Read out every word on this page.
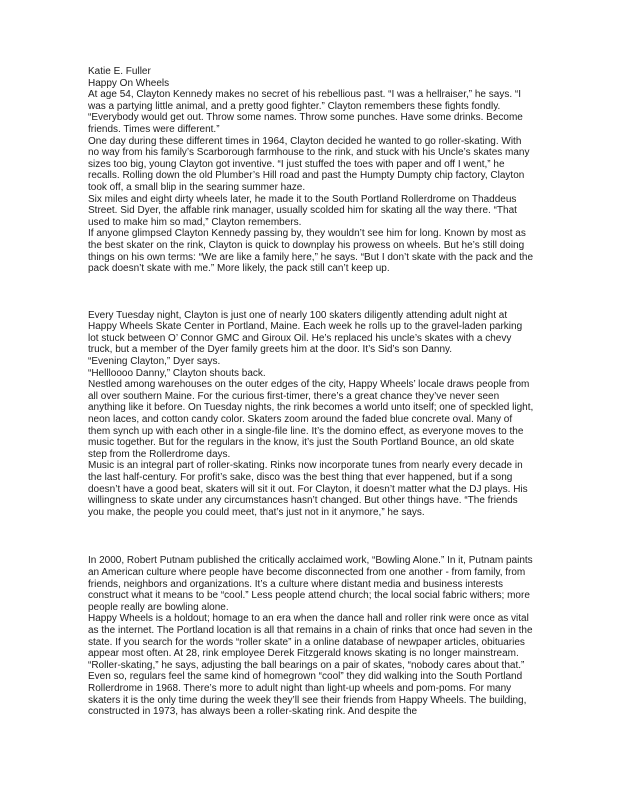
Katie E. Fuller

Happy On Wheels

At age 54, Clayton Kennedy makes no secret of his rebellious past. “I was a hellraiser,” he says. “I was a partying little animal, and a pretty good fighter.” Clayton remembers these fights fondly. “Everybody would get out. Throw some names. Throw some punches. Have some drinks. Become friends. Times were different.”

One day during these different times in 1964, Clayton decided he wanted to go roller-skating. With no way from his family’s Scarborough farmhouse to the rink, and stuck with his Uncle’s skates many sizes too big, young Clayton got inventive. “I just stuffed the toes with paper and off I went,” he recalls. Rolling down the old Plumber’s Hill road and past the Humpty Dumpty chip factory, Clayton took off, a small blip in the searing summer haze.

Six miles and eight dirty wheels later, he made it to the South Portland Rollerdrome on Thaddeus Street. Sid Dyer, the affable rink manager, usually scolded him for skating all the way there. “That used to make him so mad,” Clayton remembers.

If anyone glimpsed Clayton Kennedy passing by, they wouldn’t see him for long. Known by most as the best skater on the rink, Clayton is quick to downplay his prowess on wheels. But he’s still doing things on his own terms: “We are like a family here,” he says. “But I don’t skate with the pack and the pack doesn’t skate with me.” More likely, the pack still can’t keep up.

Every Tuesday night, Clayton is just one of nearly 100 skaters diligently attending adult night at Happy Wheels Skate Center in Portland, Maine. Each week he rolls up to the gravel-laden parking lot stuck between O’ Connor GMC and Giroux Oil. He’s replaced his uncle’s skates with a chevy truck, but a member of the Dyer family greets him at the door. It’s Sid’s son Danny.

“Evening Clayton,” Dyer says.

“Hellloooo Danny,” Clayton shouts back.

Nestled among warehouses on the outer edges of the city, Happy Wheels’ locale draws people from all over southern Maine. For the curious first-timer, there’s a great chance they’ve never seen anything like it before. On Tuesday nights, the rink becomes a world unto itself; one of speckled light, neon laces, and cotton candy color. Skaters zoom around the faded blue concrete oval. Many of them synch up with each other in a single-file line. It’s the domino effect, as everyone moves to the music together. But for the regulars in the know, it’s just the South Portland Bounce, an old skate step from the Rollerdrome days.

Music is an integral part of roller-skating. Rinks now incorporate tunes from nearly every decade in the last half-century. For profit’s sake, disco was the best thing that ever happened, but if a song doesn’t have a good beat, skaters will sit it out. For Clayton, it doesn’t matter what the DJ plays. His willingness to skate under any circumstances hasn’t changed. But other things have. “The friends you make, the people you could meet, that’s just not in it anymore,” he says.

In 2000, Robert Putnam published the critically acclaimed work, “Bowling Alone.” In it, Putnam paints an American culture where people have become disconnected from one another - from family, from friends, neighbors and organizations. It’s a culture where distant media and business interests construct what it means to be “cool.” Less people attend church; the local social fabric withers; more people really are bowling alone.

Happy Wheels is a holdout; homage to an era when the dance hall and roller rink were once as vital as the internet. The Portland location is all that remains in a chain of rinks that once had seven in the state. If you search for the words “roller skate” in a online database of newpaper articles, obituaries appear most often. At 28, rink employee Derek Fitzgerald knows skating is no longer mainstream. “Roller-skating,” he says, adjusting the ball bearings on a pair of skates, “nobody cares about that.”

Even so, regulars feel the same kind of homegrown “cool” they did walking into the South Portland Rollerdrome in 1968. There’s more to adult night than light-up wheels and pom-poms. For many skaters it is the only time during the week they’ll see their friends from Happy Wheels. The building, constructed in 1973, has always been a roller-skating rink. And despite the
